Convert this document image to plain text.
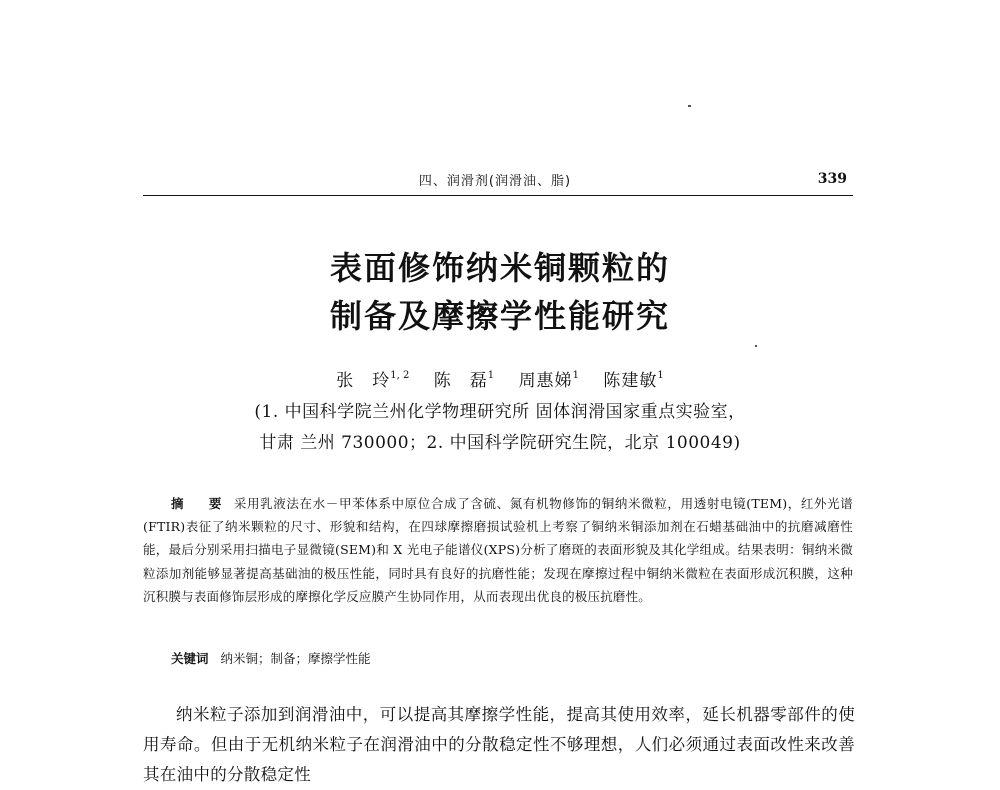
四、润滑剂(润滑油、脂)	339
表面修饰纳米铜颗粒的
制备及摩擦学性能研究
张　玲$^{1, 2}$ 陈　磊$^1$ 周惠娣$^1$ 陈建敏$^1$
(1. 中国科学院兰州化学物理研究所 固体润滑国家重点实验室，
甘肃 兰州 730000；2. 中国科学院研究生院，北京 100049)
摘　要 采用乳液法在水－甲苯体系中原位合成了含硫、氮有机物修饰的铜纳米微粒，用透射电镜(TEM)，红外光谱(FTIR)表征了纳米颗粒的尺寸、形貌和结构，在四球摩擦磨损试验机上考察了铜纳米铜添加剂在石蜡基础油中的抗磨减磨性能，最后分别采用扫描电子显微镜(SEM)和 X 光电子能谱仪(XPS)分析了磨斑的表面形貌及其化学组成。结果表明：铜纳米微粒添加剂能够显著提高基础油的极压性能，同时具有良好的抗磨性能；发现在摩擦过程中铜纳米微粒在表面形成沉积膜，这种沉积膜与表面修饰层形成的摩擦化学反应膜产生协同作用，从而表现出优良的极压抗磨性。
关键词 纳米铜；制备；摩擦学性能
纳米粒子添加到润滑油中，可以提高其摩擦学性能，提高其使用效率，延长机器零部件的使用寿命。但由于无机纳米粒子在润滑油中的分散稳定性不够理想，人们必须通过表面改性来改善其在油中的分散稳定性
